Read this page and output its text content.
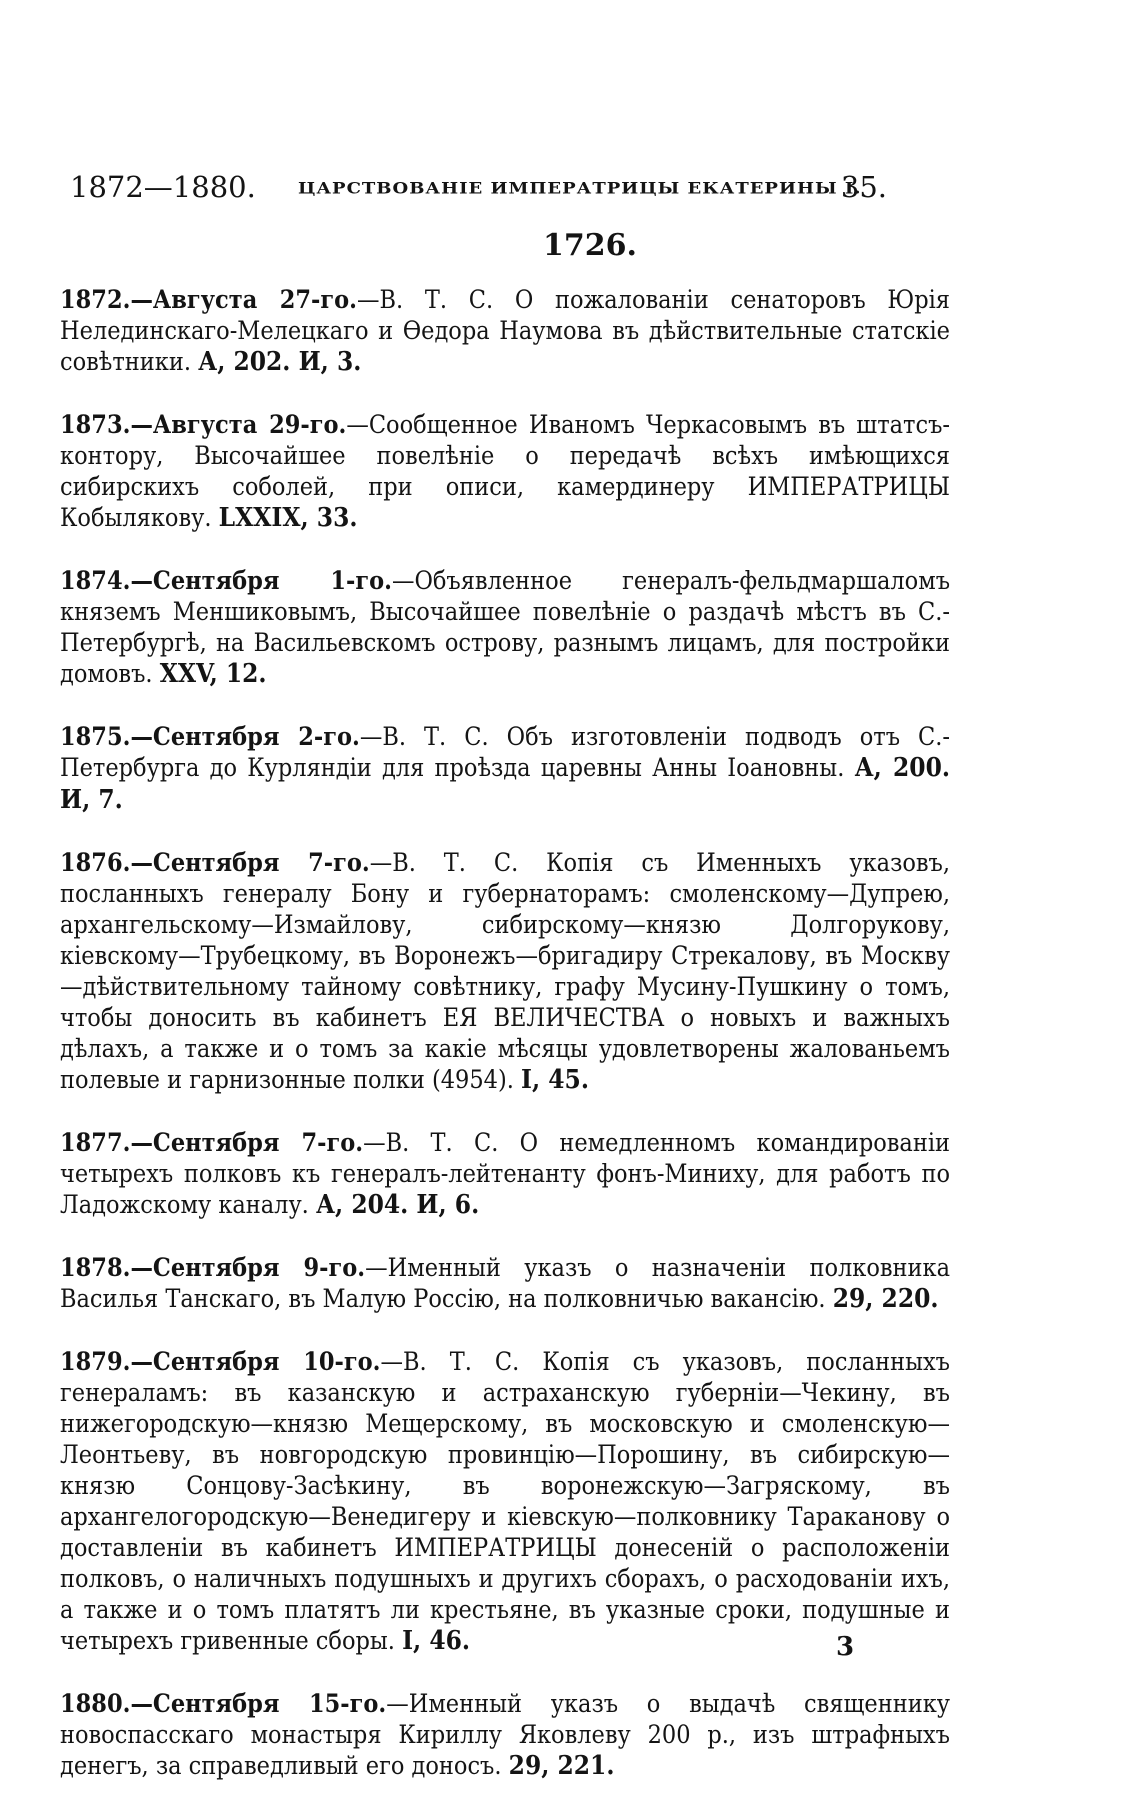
1872—1880. ЦАРСТВОВАНІЕ ИМПЕРАТРИЦЫ ЕКАТЕРИНЫ I.
35.
1726.

1872.—Августа 27-го.—В. Т. С. О пожалованіи сенаторовъ Юрія Нелединскаго-Мелецкаго и Ѳедора Наумова въ дѣйствительные статскіе совѣтники. А, 202. И, 3.

1873.—Августа 29-го.—Сообщенное Иваномъ Черкасовымъ въ штатсъ-контору, Высочайшее повелѣніе о передачѣ всѣхъ имѣющихся сибирскихъ соболей, при описи, камердинеру ИМПЕРАТРИЦЫ Кобылякову. LXXIX, 33.

1874.—Сентября 1-го.—Объявленное генералъ-фельдмаршаломъ княземъ Меншиковымъ, Высочайшее повелѣніе о раздачѣ мѣстъ въ С.-Петербургѣ, на Васильевскомъ острову, разнымъ лицамъ, для постройки домовъ. XXV, 12.

1875.—Сентября 2-го.—В. Т. С. Объ изготовленіи подводъ отъ С.-Петербурга до Курляндіи для проѣзда царевны Анны Іоановны. А, 200. И, 7.

1876.—Сентября 7-го.—В. Т. С. Копія съ Именныхъ указовъ, посланныхъ генералу Бону и губернаторамъ: смоленскому—Дупрею, архангельскому—Измайлову, сибирскому—князю Долгорукову, кіевскому—Трубецкому, въ Воронежъ—бригадиру Стрекалову, въ Москву—дѣйствительному тайному совѣтнику, графу Мусину-Пушкину о томъ, чтобы доносить въ кабинетъ ЕЯ ВЕЛИЧЕСТВА о новыхъ и важныхъ дѣлахъ, а также и о томъ за какіе мѣсяцы удовлетворены жалованьемъ полевые и гарнизонные полки (4954). I, 45.

1877.—Сентября 7-го.—В. Т. С. О немедленномъ командированіи четырехъ полковъ къ генералъ-лейтенанту фонъ-Миниху, для работъ по Ладожскому каналу. А, 204. И, 6.

1878.—Сентября 9-го.—Именный указъ о назначеніи полковника Василья Танскаго, въ Малую Россію, на полковничью вакансію. 29, 220.

1879.—Сентября 10-го.—В. Т. С. Копія съ указовъ, посланныхъ генераламъ: въ казанскую и астраханскую губерніи—Чекину, въ нижегородскую—князю Мещерскому, въ московскую и смоленскую—Леонтьеву, въ новгородскую провинцію—Порошину, въ сибирскую—князю Сонцову-Засѣкину, въ воронежскую—Загряскому, въ архангелогородскую—Венедигеру и кіевскую—полковнику Тараканову о доставленіи въ кабинетъ ИМПЕРАТРИЦЫ донесеній о расположеніи полковъ, о наличныхъ подушныхъ и другихъ сборахъ, о расходованіи ихъ, а также и о томъ платятъ ли крестьяне, въ указные сроки, подушные и четырехъ гривенные сборы. I, 46.

1880.—Сентября 15-го.—Именный указъ о выдачѣ священнику новоспасскаго монастыря Кириллу Яковлеву 200 р., изъ штрафныхъ денегъ, за справедливый его доносъ. 29, 221.

3
